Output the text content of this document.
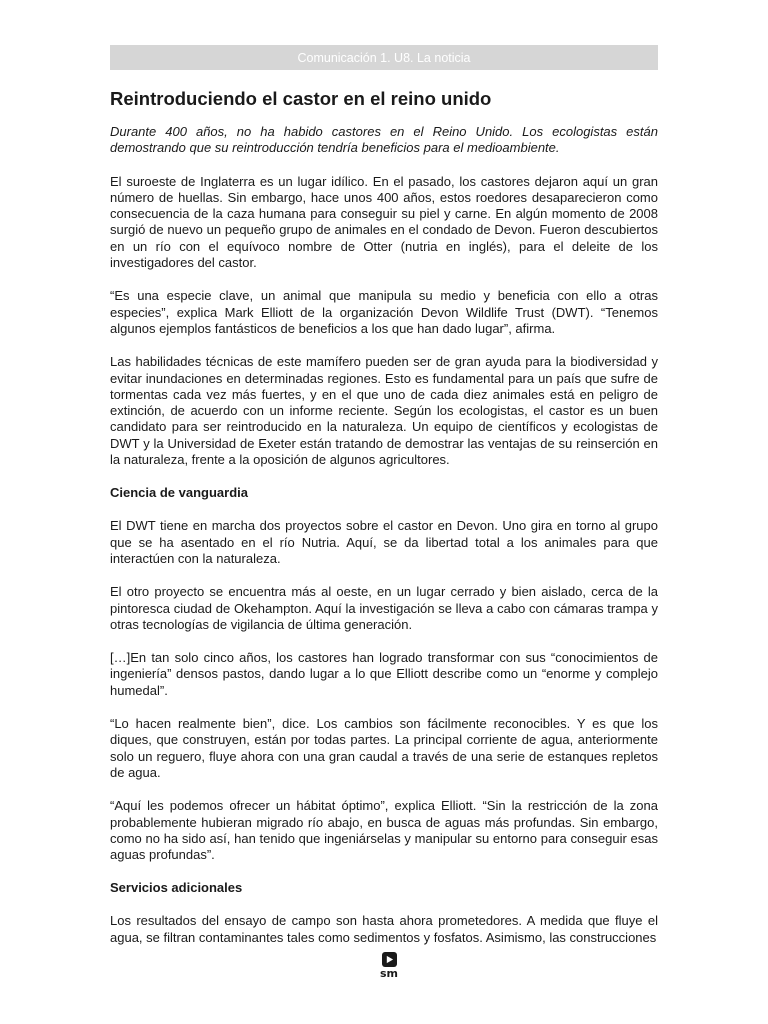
Comunicación 1. U8. La noticia
Reintroduciendo el castor en el reino unido

Durante 400 años, no ha habido castores en el Reino Unido. Los ecologistas están demostrando que su reintroducción tendría beneficios para el medioambiente.

El suroeste de Inglaterra es un lugar idílico. En el pasado, los castores dejaron aquí un gran número de huellas. Sin embargo, hace unos 400 años, estos roedores desaparecieron como consecuencia de la caza humana para conseguir su piel y carne. En algún momento de 2008 surgió de nuevo un pequeño grupo de animales en el condado de Devon. Fueron descubiertos en un río con el equívoco nombre de Otter (nutria en inglés), para el deleite de los investigadores del castor.

“Es una especie clave, un animal que manipula su medio y beneficia con ello a otras especies”, explica Mark Elliott de la organización Devon Wildlife Trust (DWT). “Tenemos algunos ejemplos fantásticos de beneficios a los que han dado lugar”, afirma.

Las habilidades técnicas de este mamífero pueden ser de gran ayuda para la biodiversidad y evitar inundaciones en determinadas regiones. Esto es fundamental para un país que sufre de tormentas cada vez más fuertes, y en el que uno de cada diez animales está en peligro de extinción, de acuerdo con un informe reciente. Según los ecologistas, el castor es un buen candidato para ser reintroducido en la naturaleza. Un equipo de científicos y ecologistas de DWT y la Universidad de Exeter están tratando de demostrar las ventajas de su reinserción en la naturaleza, frente a la oposición de algunos agricultores.

Ciencia de vanguardia

El DWT tiene en marcha dos proyectos sobre el castor en Devon. Uno gira en torno al grupo que se ha asentado en el río Nutria. Aquí, se da libertad total a los animales para que interactúen con la naturaleza.

El otro proyecto se encuentra más al oeste, en un lugar cerrado y bien aislado, cerca de la pintoresca ciudad de Okehampton. Aquí la investigación se lleva a cabo con cámaras trampa y otras tecnologías de vigilancia de última generación.

[…]En tan solo cinco años, los castores han logrado transformar con sus “conocimientos de ingeniería” densos pastos, dando lugar a lo que Elliott describe como un “enorme y complejo humedal”.

“Lo hacen realmente bien”, dice. Los cambios son fácilmente reconocibles. Y es que los diques, que construyen, están por todas partes. La principal corriente de agua, anteriormente solo un reguero, fluye ahora con una gran caudal a través de una serie de estanques repletos de agua.

“Aquí les podemos ofrecer un hábitat óptimo”, explica Elliott. “Sin la restricción de la zona probablemente hubieran migrado río abajo, en busca de aguas más profundas. Sin embargo, como no ha sido así, han tenido que ingeniárselas y manipular su entorno para conseguir esas aguas profundas”.

Servicios adicionales

Los resultados del ensayo de campo son hasta ahora prometedores. A medida que fluye el agua, se filtran contaminantes tales como sedimentos y fosfatos. Asimismo, las construcciones

sm
